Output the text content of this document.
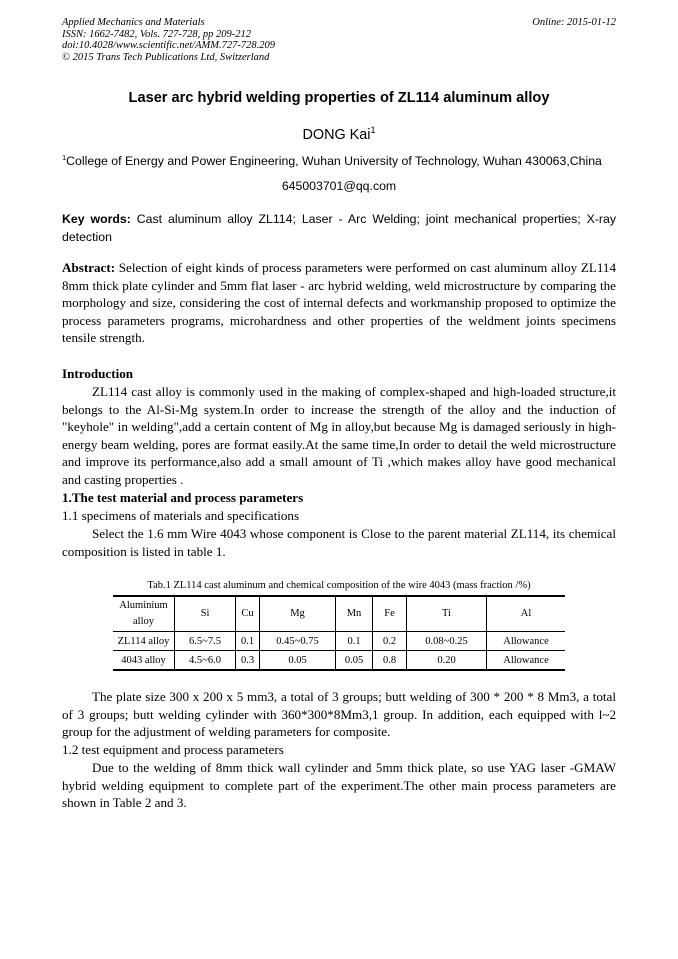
Applied Mechanics and Materials
ISSN: 1662-7482, Vols. 727-728, pp 209-212
doi:10.4028/www.scientific.net/AMM.727-728.209
© 2015 Trans Tech Publications Ltd, Switzerland
Online: 2015-01-12
Laser arc hybrid welding properties of ZL114 aluminum alloy
DONG Kai$^1$
$^1$College of Energy and Power Engineering, Wuhan University of Technology, Wuhan 430063,China
645003701@qq.com
Key words: Cast aluminum alloy ZL114; Laser - Arc Welding; joint mechanical properties; X-ray detection
Abstract: Selection of eight kinds of process parameters were performed on cast aluminum alloy ZL114 8mm thick plate cylinder and 5mm flat laser - arc hybrid welding, weld microstructure by comparing the morphology and size, considering the cost of internal defects and workmanship proposed to optimize the process parameters programs, microhardness and other properties of the weldment joints specimens tensile strength.
Introduction
ZL114 cast alloy is commonly used in the making of complex-shaped and high-loaded structure,it belongs to the Al-Si-Mg system.In order to increase the strength of the alloy and the induction of "keyhole" in welding",add a certain content of Mg in alloy,but because Mg is damaged seriously in high-energy beam welding, pores are format easily.At the same time,In order to detail the weld microstructure and improve its performance,also add a small amount of Ti ,which makes alloy have good mechanical and casting properties .
1.The test material and process parameters
1.1 specimens of materials and specifications
Select the 1.6 mm Wire 4043 whose component is Close to the parent material ZL114, its chemical composition is listed in table 1.
Tab.1 ZL114 cast aluminum and chemical composition of the wire 4043 (mass fraction /%)
Aluminium alloy	Si	Cu	Mg	Mn	Fe	Ti	Al
ZL114 alloy	6.5~7.5	0.1	0.45~0.75	0.1	0.2	0.08~0.25	Allowance
4043 alloy	4.5~6.0	0.3	0.05	0.05	0.8	0.20	Allowance
The plate size 300 x 200 x 5 mm3, a total of 3 groups; butt welding of 300 * 200 * 8 Mm3, a total of 3 groups; butt welding cylinder with 360*300*8Mm3,1 group. In addition, each equipped with l~2 group for the adjustment of welding parameters for composite.
1.2 test equipment and process parameters
Due to the welding of 8mm thick wall cylinder and 5mm thick plate, so use YAG laser -GMAW hybrid welding equipment to complete part of the experiment.The other main process parameters are shown in Table 2 and 3.
